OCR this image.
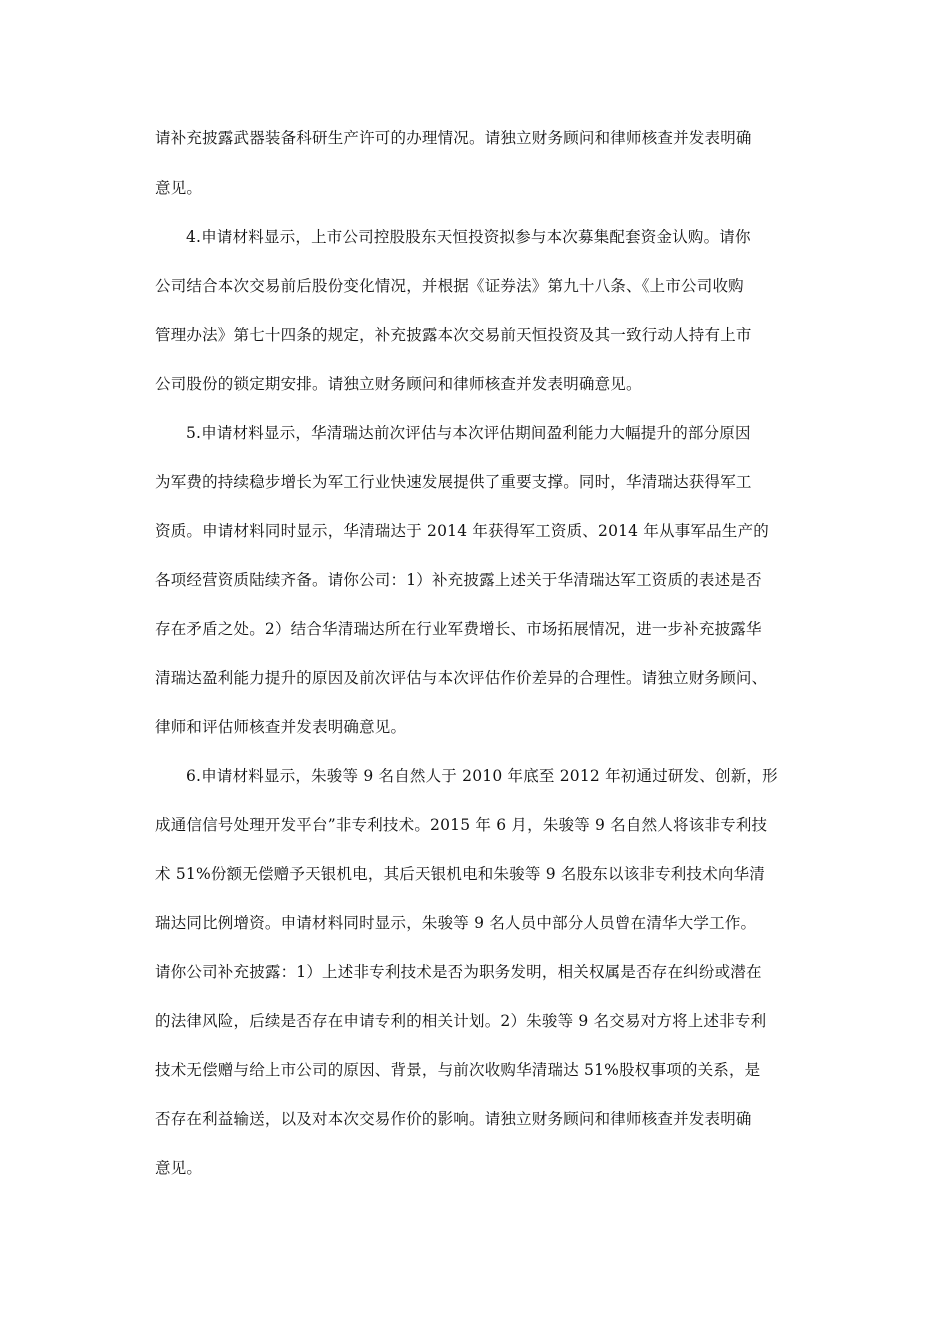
请补充披露武器装备科研生产许可的办理情况。请独立财务顾问和律师核查并发表明确
意见。
4.申请材料显示，上市公司控股股东天恒投资拟参与本次募集配套资金认购。请你
公司结合本次交易前后股份变化情况，并根据《证券法》第九十八条、《上市公司收购
管理办法》第七十四条的规定，补充披露本次交易前天恒投资及其一致行动人持有上市
公司股份的锁定期安排。请独立财务顾问和律师核查并发表明确意见。
5.申请材料显示，华清瑞达前次评估与本次评估期间盈利能力大幅提升的部分原因
为军费的持续稳步增长为军工行业快速发展提供了重要支撑。同时，华清瑞达获得军工
资质。申请材料同时显示，华清瑞达于 2014 年获得军工资质、2014 年从事军品生产的
各项经营资质陆续齐备。请你公司：1）补充披露上述关于华清瑞达军工资质的表述是否
存在矛盾之处。2）结合华清瑞达所在行业军费增长、市场拓展情况，进一步补充披露华
清瑞达盈利能力提升的原因及前次评估与本次评估作价差异的合理性。请独立财务顾问、
律师和评估师核查并发表明确意见。
6.申请材料显示，朱骏等 9 名自然人于 2010 年底至 2012 年初通过研发、创新，形
成通信信号处理开发平台”非专利技术。2015 年 6 月，朱骏等 9 名自然人将该非专利技
术 51%份额无偿赠予天银机电，其后天银机电和朱骏等 9 名股东以该非专利技术向华清
瑞达同比例增资。申请材料同时显示，朱骏等 9 名人员中部分人员曾在清华大学工作。
请你公司补充披露：1）上述非专利技术是否为职务发明，相关权属是否存在纠纷或潜在
的法律风险，后续是否存在申请专利的相关计划。2）朱骏等 9 名交易对方将上述非专利
技术无偿赠与给上市公司的原因、背景，与前次收购华清瑞达 51%股权事项的关系，是
否存在利益输送，以及对本次交易作价的影响。请独立财务顾问和律师核查并发表明确
意见。
